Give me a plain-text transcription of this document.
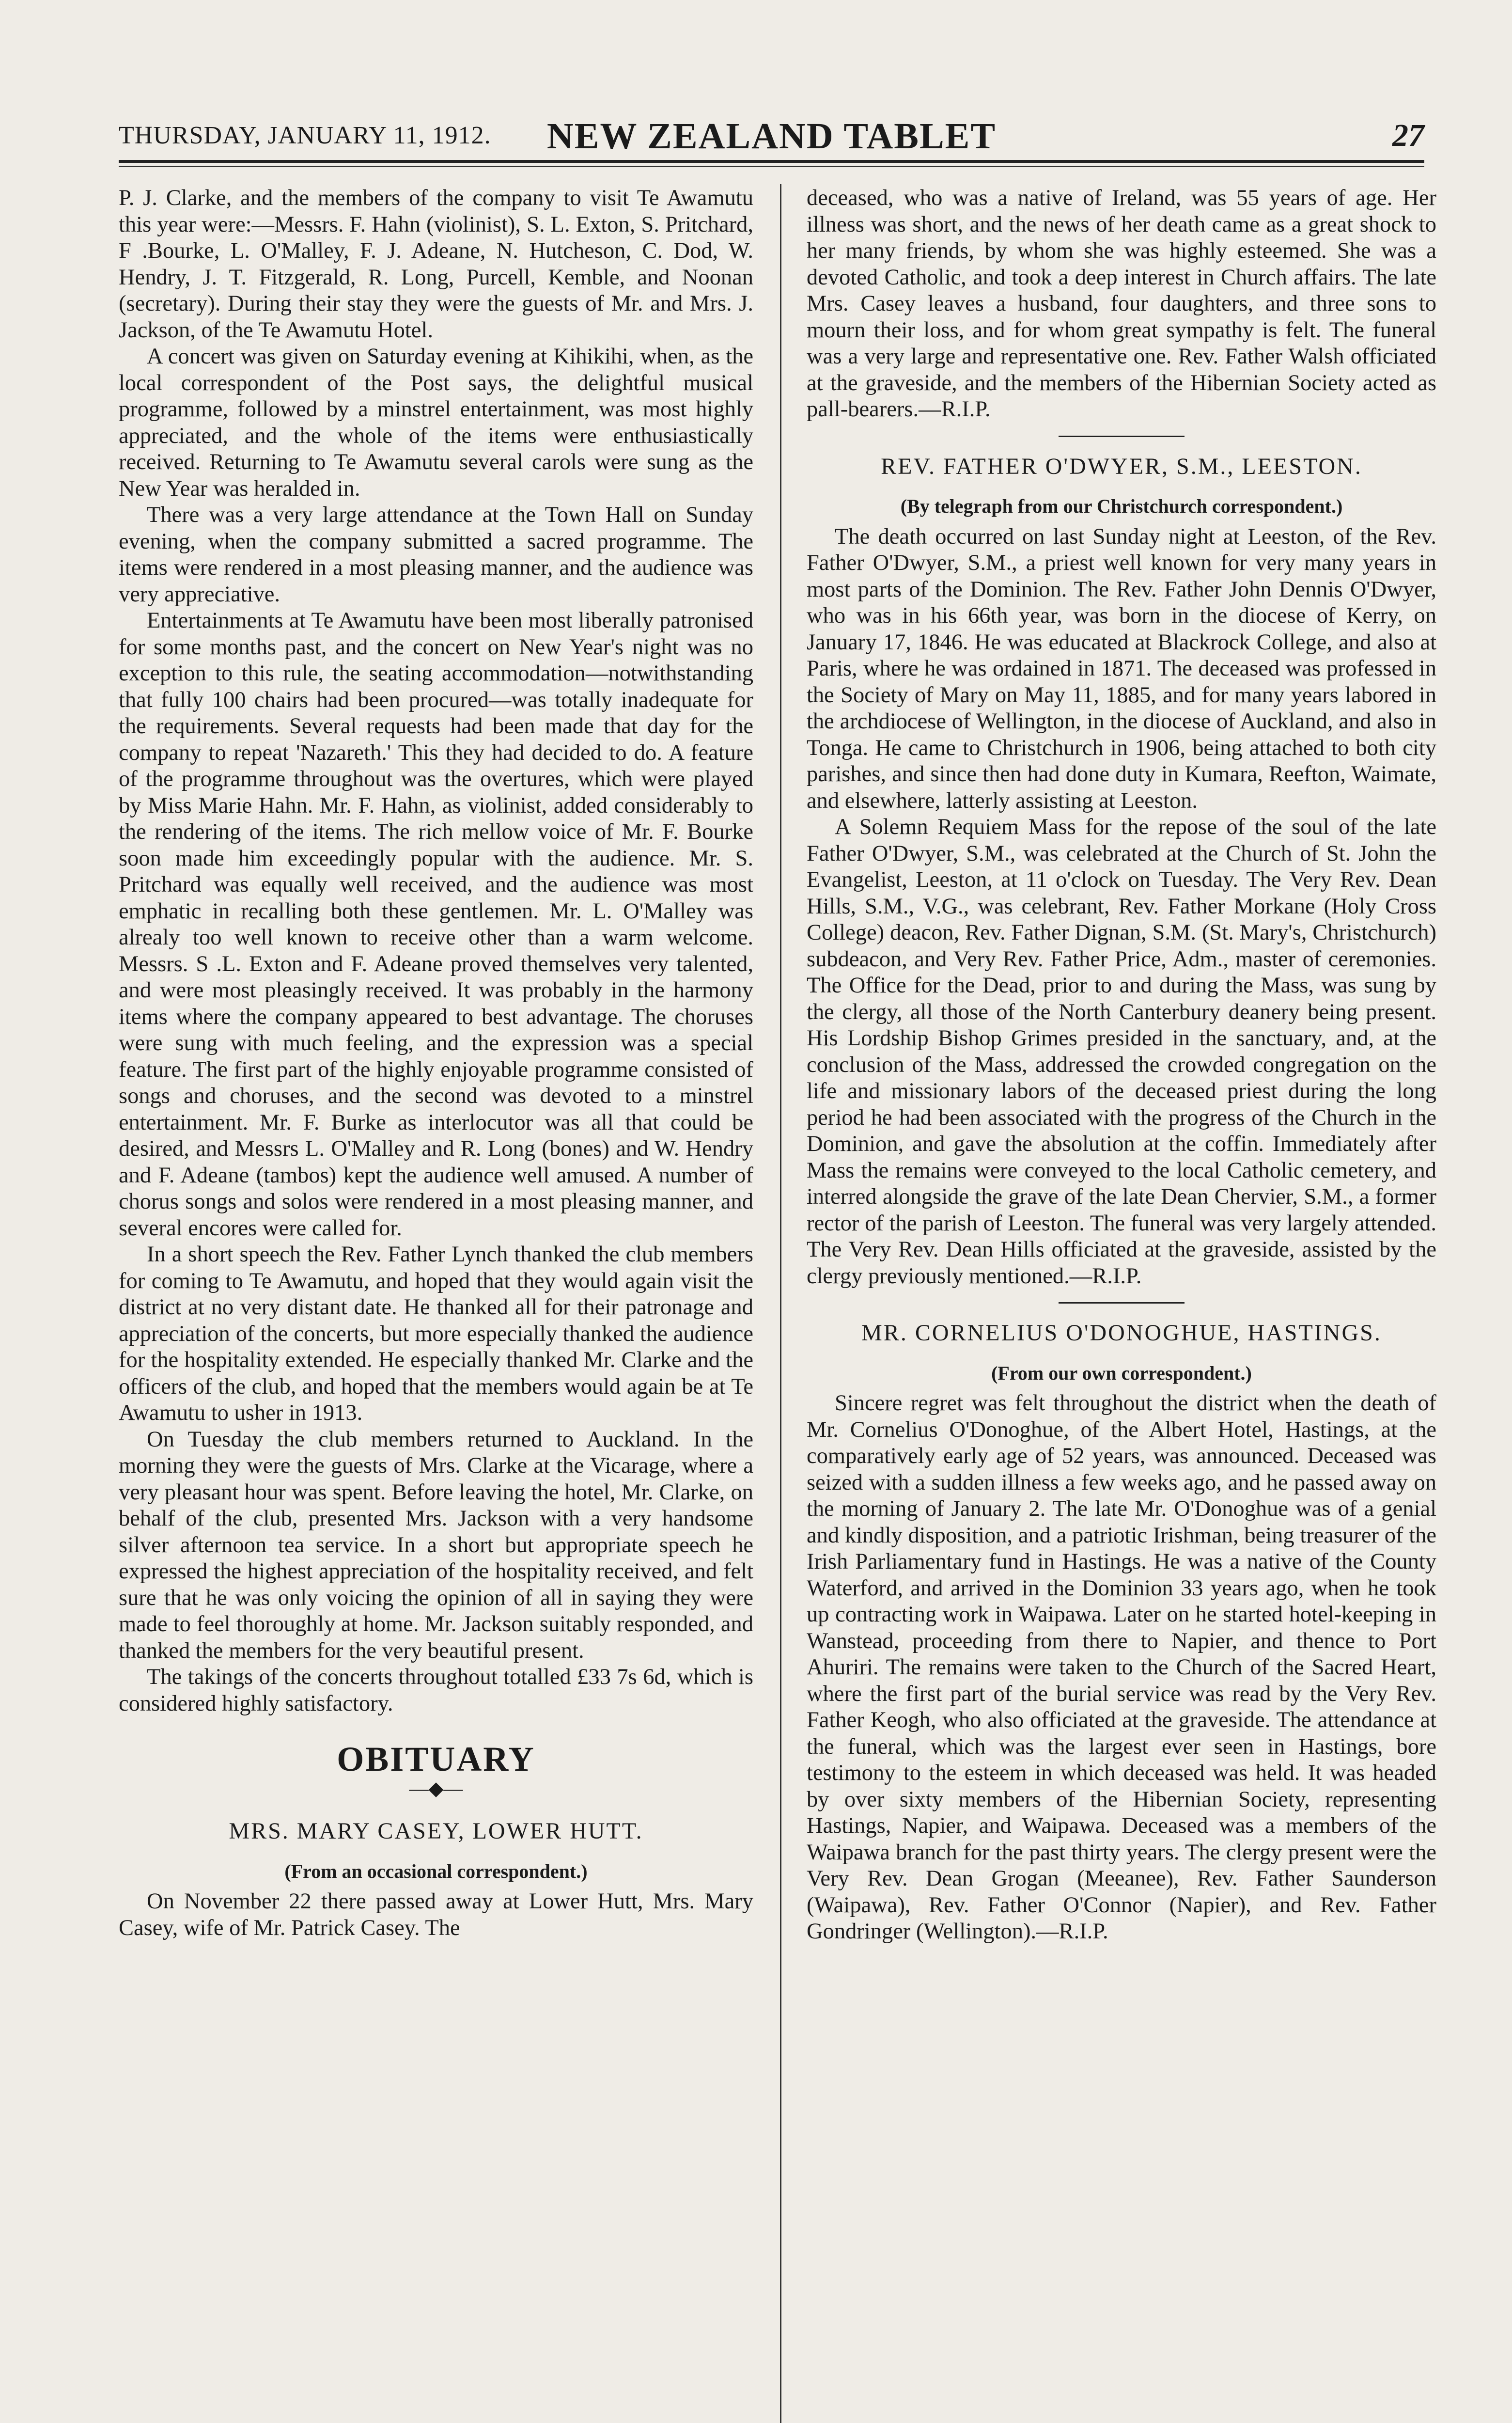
THURSDAY, JANUARY 11, 1912.	NEW ZEALAND TABLET	27

P. J. Clarke, and the members of the company to visit Te Awamutu this year were:—Messrs. F. Hahn (violinist), S. L. Exton, S. Pritchard, F .Bourke, L. O'Malley, F. J. Adeane, N. Hutcheson, C. Dod, W. Hendry, J. T. Fitzgerald, R. Long, Purcell, Kemble, and Noonan (secretary). During their stay they were the guests of Mr. and Mrs. J. Jackson, of the Te Awamutu Hotel.

A concert was given on Saturday evening at Kihikihi, when, as the local correspondent of the Post says, the delightful musical programme, followed by a minstrel entertainment, was most highly appreciated, and the whole of the items were enthusiastically received. Returning to Te Awamutu several carols were sung as the New Year was heralded in.

There was a very large attendance at the Town Hall on Sunday evening, when the company submitted a sacred programme. The items were rendered in a most pleasing manner, and the audience was very appreciative.

Entertainments at Te Awamutu have been most liberally patronised for some months past, and the concert on New Year's night was no exception to this rule, the seating accommodation—notwithstanding that fully 100 chairs had been procured—was totally inadequate for the requirements. Several requests had been made that day for the company to repeat 'Nazareth.' This they had decided to do. A feature of the programme throughout was the overtures, which were played by Miss Marie Hahn. Mr. F. Hahn, as violinist, added considerably to the rendering of the items. The rich mellow voice of Mr. F. Bourke soon made him exceedingly popular with the audience. Mr. S. Pritchard was equally well received, and the audience was most emphatic in recalling both these gentlemen. Mr. L. O'Malley was alrealy too well known to receive other than a warm welcome. Messrs. S .L. Exton and F. Adeane proved themselves very talented, and were most pleasingly received. It was probably in the harmony items where the company appeared to best advantage. The choruses were sung with much feeling, and the expression was a special feature. The first part of the highly enjoyable programme consisted of songs and choruses, and the second was devoted to a minstrel entertainment. Mr. F. Burke as interlocutor was all that could be desired, and Messrs L. O'Malley and R. Long (bones) and W. Hendry and F. Adeane (tambos) kept the audience well amused. A number of chorus songs and solos were rendered in a most pleasing manner, and several encores were called for.

In a short speech the Rev. Father Lynch thanked the club members for coming to Te Awamutu, and hoped that they would again visit the district at no very distant date. He thanked all for their patronage and appreciation of the concerts, but more especially thanked the audience for the hospitality extended. He especially thanked Mr. Clarke and the officers of the club, and hoped that the members would again be at Te Awamutu to usher in 1913.

On Tuesday the club members returned to Auckland. In the morning they were the guests of Mrs. Clarke at the Vicarage, where a very pleasant hour was spent. Before leaving the hotel, Mr. Clarke, on behalf of the club, presented Mrs. Jackson with a very handsome silver afternoon tea service. In a short but appropriate speech he expressed the highest appreciation of the hospitality received, and felt sure that he was only voicing the opinion of all in saying they were made to feel thoroughly at home. Mr. Jackson suitably responded, and thanked the members for the very beautiful present.

The takings of the concerts throughout totalled £33 7s 6d, which is considered highly satisfactory.

OBITUARY
—◆—
MRS. MARY CASEY, LOWER HUTT.
(From an occasional correspondent.)

On November 22 there passed away at Lower Hutt, Mrs. Mary Casey, wife of Mr. Patrick Casey. The

deceased, who was a native of Ireland, was 55 years of age. Her illness was short, and the news of her death came as a great shock to her many friends, by whom she was highly esteemed. She was a devoted Catholic, and took a deep interest in Church affairs. The late Mrs. Casey leaves a husband, four daughters, and three sons to mourn their loss, and for whom great sympathy is felt. The funeral was a very large and representative one. Rev. Father Walsh officiated at the graveside, and the members of the Hibernian Society acted as pall-bearers.—R.I.P.

REV. FATHER O'DWYER, S.M., LEESTON.
(By telegraph from our Christchurch correspondent.)

The death occurred on last Sunday night at Leeston, of the Rev. Father O'Dwyer, S.M., a priest well known for very many years in most parts of the Dominion. The Rev. Father John Dennis O'Dwyer, who was in his 66th year, was born in the diocese of Kerry, on January 17, 1846. He was educated at Blackrock College, and also at Paris, where he was ordained in 1871. The deceased was professed in the Society of Mary on May 11, 1885, and for many years labored in the archdiocese of Wellington, in the diocese of Auckland, and also in Tonga. He came to Christchurch in 1906, being attached to both city parishes, and since then had done duty in Kumara, Reefton, Waimate, and elsewhere, latterly assisting at Leeston.

A Solemn Requiem Mass for the repose of the soul of the late Father O'Dwyer, S.M., was celebrated at the Church of St. John the Evangelist, Leeston, at 11 o'clock on Tuesday. The Very Rev. Dean Hills, S.M., V.G., was celebrant, Rev. Father Morkane (Holy Cross College) deacon, Rev. Father Dignan, S.M. (St. Mary's, Christchurch) subdeacon, and Very Rev. Father Price, Adm., master of ceremonies. The Office for the Dead, prior to and during the Mass, was sung by the clergy, all those of the North Canterbury deanery being present. His Lordship Bishop Grimes presided in the sanctuary, and, at the conclusion of the Mass, addressed the crowded congregation on the life and missionary labors of the deceased priest during the long period he had been associated with the progress of the Church in the Dominion, and gave the absolution at the coffin. Immediately after Mass the remains were conveyed to the local Catholic cemetery, and interred alongside the grave of the late Dean Chervier, S.M., a former rector of the parish of Leeston. The funeral was very largely attended. The Very Rev. Dean Hills officiated at the graveside, assisted by the clergy previously mentioned.—R.I.P.

MR. CORNELIUS O'DONOGHUE, HASTINGS.
(From our own correspondent.)

Sincere regret was felt throughout the district when the death of Mr. Cornelius O'Donoghue, of the Albert Hotel, Hastings, at the comparatively early age of 52 years, was announced. Deceased was seized with a sudden illness a few weeks ago, and he passed away on the morning of January 2. The late Mr. O'Donoghue was of a genial and kindly disposition, and a patriotic Irishman, being treasurer of the Irish Parliamentary fund in Hastings. He was a native of the County Waterford, and arrived in the Dominion 33 years ago, when he took up contracting work in Waipawa. Later on he started hotel-keeping in Wanstead, proceeding from there to Napier, and thence to Port Ahuriri. The remains were taken to the Church of the Sacred Heart, where the first part of the burial service was read by the Very Rev. Father Keogh, who also officiated at the graveside. The attendance at the funeral, which was the largest ever seen in Hastings, bore testimony to the esteem in which deceased was held. It was headed by over sixty members of the Hibernian Society, representing Hastings, Napier, and Waipawa. Deceased was a members of the Waipawa branch for the past thirty years. The clergy present were the Very Rev. Dean Grogan (Meeanee), Rev. Father Saunderson (Waipawa), Rev. Father O'Connor (Napier), and Rev. Father Gondringer (Wellington).—R.I.P.
